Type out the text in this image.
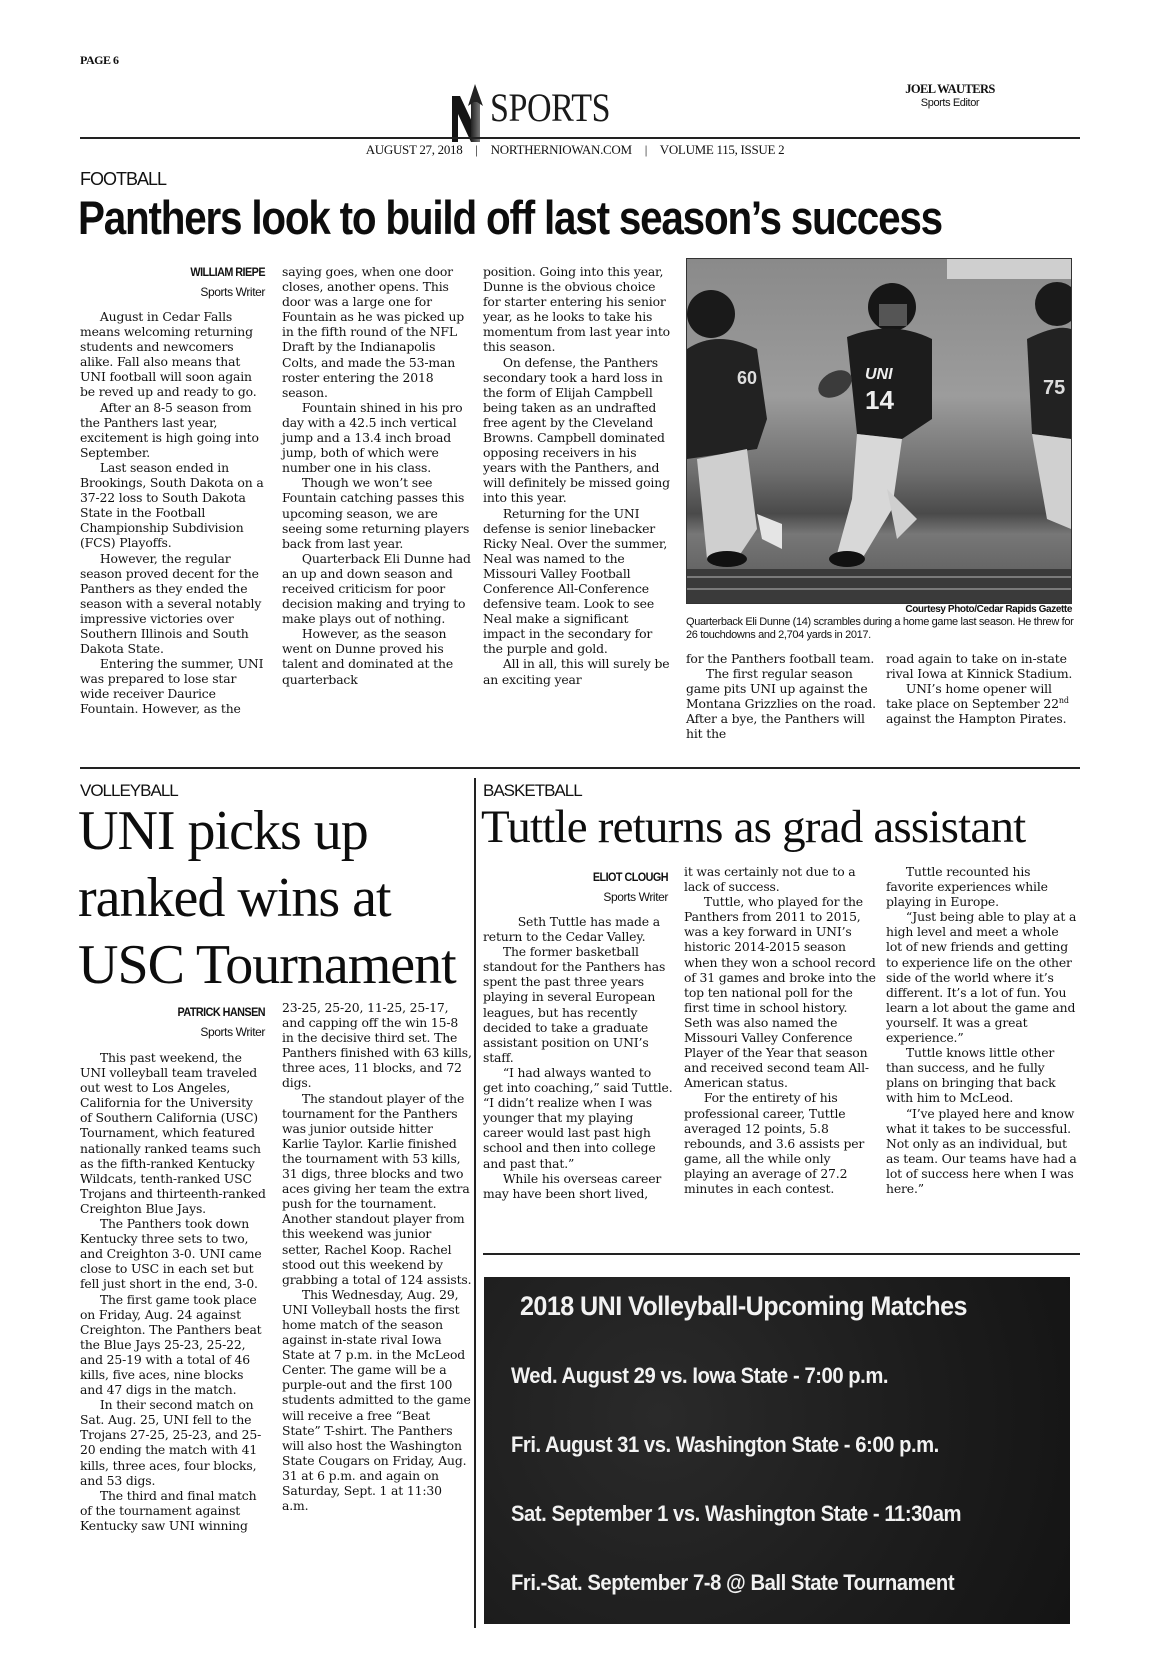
PAGE 6
SPORTS	JOEL WAUTERS
Sports Editor
AUGUST 27, 2018 | NORTHERNIOWAN.COM | VOLUME 115, ISSUE 2
FOOTBALL
Panthers look to build off last season’s success
WILLIAM RIEPE
Sports Writer

August in Cedar Falls means welcoming returning students and newcomers alike. Fall also means that UNI football will soon again be reved up and ready to go.

After an 8-5 season from the Panthers last year, excitement is high going into September.

Last season ended in Brookings, South Dakota on a 37-22 loss to South Dakota State in the Football Championship Subdivision (FCS) Playoffs.

However, the regular season proved decent for the Panthers as they ended the season with a several notably impressive victories over Southern Illinois and South Dakota State.

Entering the summer, UNI was prepared to lose star wide receiver Daurice Fountain. However, as the

saying goes, when one door closes, another opens. This door was a large one for Fountain as he was picked up in the fifth round of the NFL Draft by the Indianapolis Colts, and made the 53-man roster entering the 2018 season.

Fountain shined in his pro day with a 42.5 inch vertical jump and a 13.4 inch broad jump, both of which were number one in his class.

Though we won’t see Fountain catching passes this upcoming season, we are seeing some returning players back from last year.

Quarterback Eli Dunne had an up and down season and received criticism for poor decision making and trying to make plays out of nothing.

However, as the season went on Dunne proved his talent and dominated at the quarterback

position. Going into this year, Dunne is the obvious choice for starter entering his senior year, as he looks to take his momentum from last year into this season.

On defense, the Panthers secondary took a hard loss in the form of Elijah Campbell being taken as an undrafted free agent by the Cleveland Browns. Campbell dominated opposing receivers in his years with the Panthers, and will definitely be missed going into this year.

Returning for the UNI defense is senior linebacker Ricky Neal. Over the summer, Neal was named to the Missouri Valley Football Conference All-Conference defensive team. Look to see Neal make a significant impact in the secondary for the purple and gold.

All in all, this will surely be an exciting year

60	UNI
14	75
Courtesy Photo/Cedar Rapids Gazette
Quarterback Eli Dunne (14) scrambles during a home game last season. He threw for 26 touchdowns and 2,704 yards in 2017.

for the Panthers football team.

The first regular season game pits UNI up against the Montana Grizzlies on the road. After a bye, the Panthers will hit the

road again to take on in-state rival Iowa at Kinnick Stadium.

UNI’s home opener will take place on September 22nd against the Hampton Pirates.

VOLLEYBALL
UNI picks up
ranked wins at
USC Tournament
PATRICK HANSEN
Sports Writer

This past weekend, the UNI volleyball team traveled out west to Los Angeles, California for the University of Southern California (USC) Tournament, which featured nationally ranked teams such as the fifth-ranked Kentucky Wildcats, tenth-ranked USC Trojans and thirteenth-ranked Creighton Blue Jays.

The Panthers took down Kentucky three sets to two, and Creighton 3-0. UNI came close to USC in each set but fell just short in the end, 3-0.

The first game took place on Friday, Aug. 24 against Creighton. The Panthers beat the Blue Jays 25-23, 25-22, and 25-19 with a total of 46 kills, five aces, nine blocks and 47 digs in the match.

In their second match on Sat. Aug. 25, UNI fell to the Trojans 27-25, 25-23, and 25-20 ending the match with 41 kills, three aces, four blocks, and 53 digs.

The third and final match of the tournament against Kentucky saw UNI winning

23-25, 25-20, 11-25, 25-17, and capping off the win 15-8 in the decisive third set. The Panthers finished with 63 kills, three aces, 11 blocks, and 72 digs.

The standout player of the tournament for the Panthers was junior outside hitter Karlie Taylor. Karlie finished the tournament with 53 kills, 31 digs, three blocks and two aces giving her team the extra push for the tournament. Another standout player from this weekend was junior setter, Rachel Koop. Rachel stood out this weekend by grabbing a total of 124 assists.

This Wednesday, Aug. 29, UNI Volleyball hosts the first home match of the season against in-state rival Iowa State at 7 p.m. in the McLeod Center. The game will be a purple-out and the first 100 students admitted to the game will receive a free “Beat State” T-shirt. The Panthers will also host the Washington State Cougars on Friday, Aug. 31 at 6 p.m. and again on Saturday, Sept. 1 at 11:30 a.m.

BASKETBALL
Tuttle returns as grad assistant
ELIOT CLOUGH
Sports Writer

Seth Tuttle has made a return to the Cedar Valley.

The former basketball standout for the Panthers has spent the past three years playing in several European leagues, but has recently decided to take a graduate assistant position on UNI’s staff.

“I had always wanted to get into coaching,” said Tuttle. “I didn’t realize when I was younger that my playing career would last past high school and then into college and past that.”

While his overseas career may have been short lived,

it was certainly not due to a lack of success.

Tuttle, who played for the Panthers from 2011 to 2015, was a key forward in UNI’s historic 2014-2015 season when they won a school record of 31 games and broke into the top ten national poll for the first time in school history. Seth was also named the Missouri Valley Conference Player of the Year that season and received second team All-American status.

For the entirety of his professional career, Tuttle averaged 12 points, 5.8 rebounds, and 3.6 assists per game, all the while only playing an average of 27.2 minutes in each contest.

Tuttle recounted his favorite experiences while playing in Europe.

“Just being able to play at a high level and meet a whole lot of new friends and getting to experience life on the other side of the world where it’s different. It’s a lot of fun. You learn a lot about the game and yourself. It was a great experience.”

Tuttle knows little other than success, and he fully plans on bringing that back with him to McLeod.

“I’ve played here and know what it takes to be successful. Not only as an individual, but as team. Our teams have had a lot of success here when I was here.”

2018 UNI Volleyball-Upcoming Matches
Wed. August 29 vs. Iowa State - 7:00 p.m.
Fri. August 31 vs. Washington State - 6:00 p.m.
Sat. September 1 vs. Washington State - 11:30am
Fri.-Sat. September 7-8 @ Ball State Tournament
